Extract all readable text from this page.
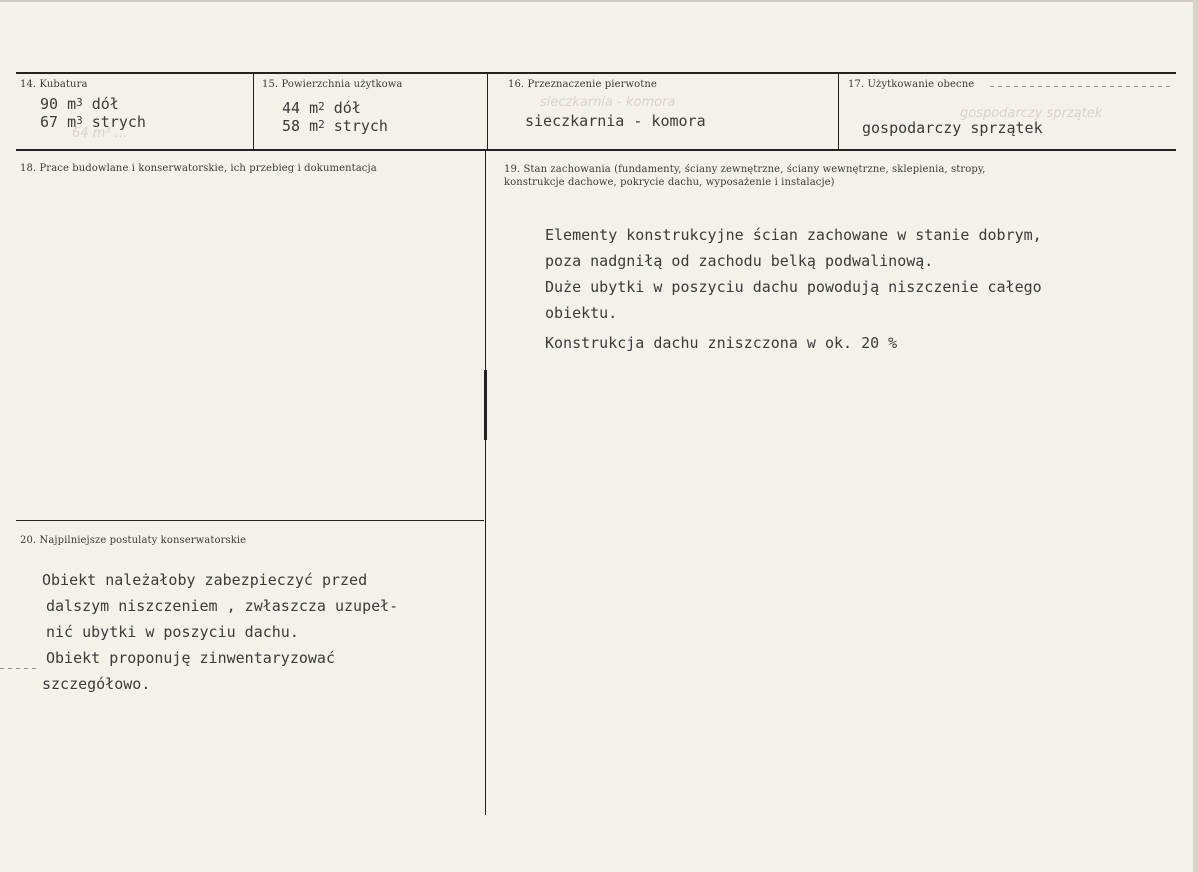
14. Kubatura
64 m³ ...
90 $m^3$ dół
67 $m^3$ strych
15. Powierzchnia użytkowa
44 $m^2$ dół
58 $m^2$ strych
16. Przeznaczenie pierwotne
sieczkarnia - komora
sieczkarnia - komora
17. Użytkowanie obecne
gospodarczy sprzątek
gospodarczy sprzątek
18. Prace budowlane i konserwatorskie, ich przebieg i dokumentacja	19. Stan zachowania (fundamenty, ściany zewnętrzne, ściany wewnętrzne, sklepienia, stropy,
konstrukcje dachowe, pokrycie dachu, wyposażenie i instalacje)
Elementy konstrukcyjne ścian zachowane w stanie dobrym,
poza nadgniłą od zachodu belką podwalinową.
Duże ubytki w poszyciu dachu powodują niszczenie całego
obiektu.
Konstrukcja dachu zniszczona w ok. 20 %
20. Najpilniejsze postulaty konserwatorskie
Obiekt należałoby zabezpieczyć przed
dalszym niszczeniem , zwłaszcza uzupeł-
nić ubytki w poszyciu dachu.
Obiekt proponuję zinwentaryzować
szczegółowo.
